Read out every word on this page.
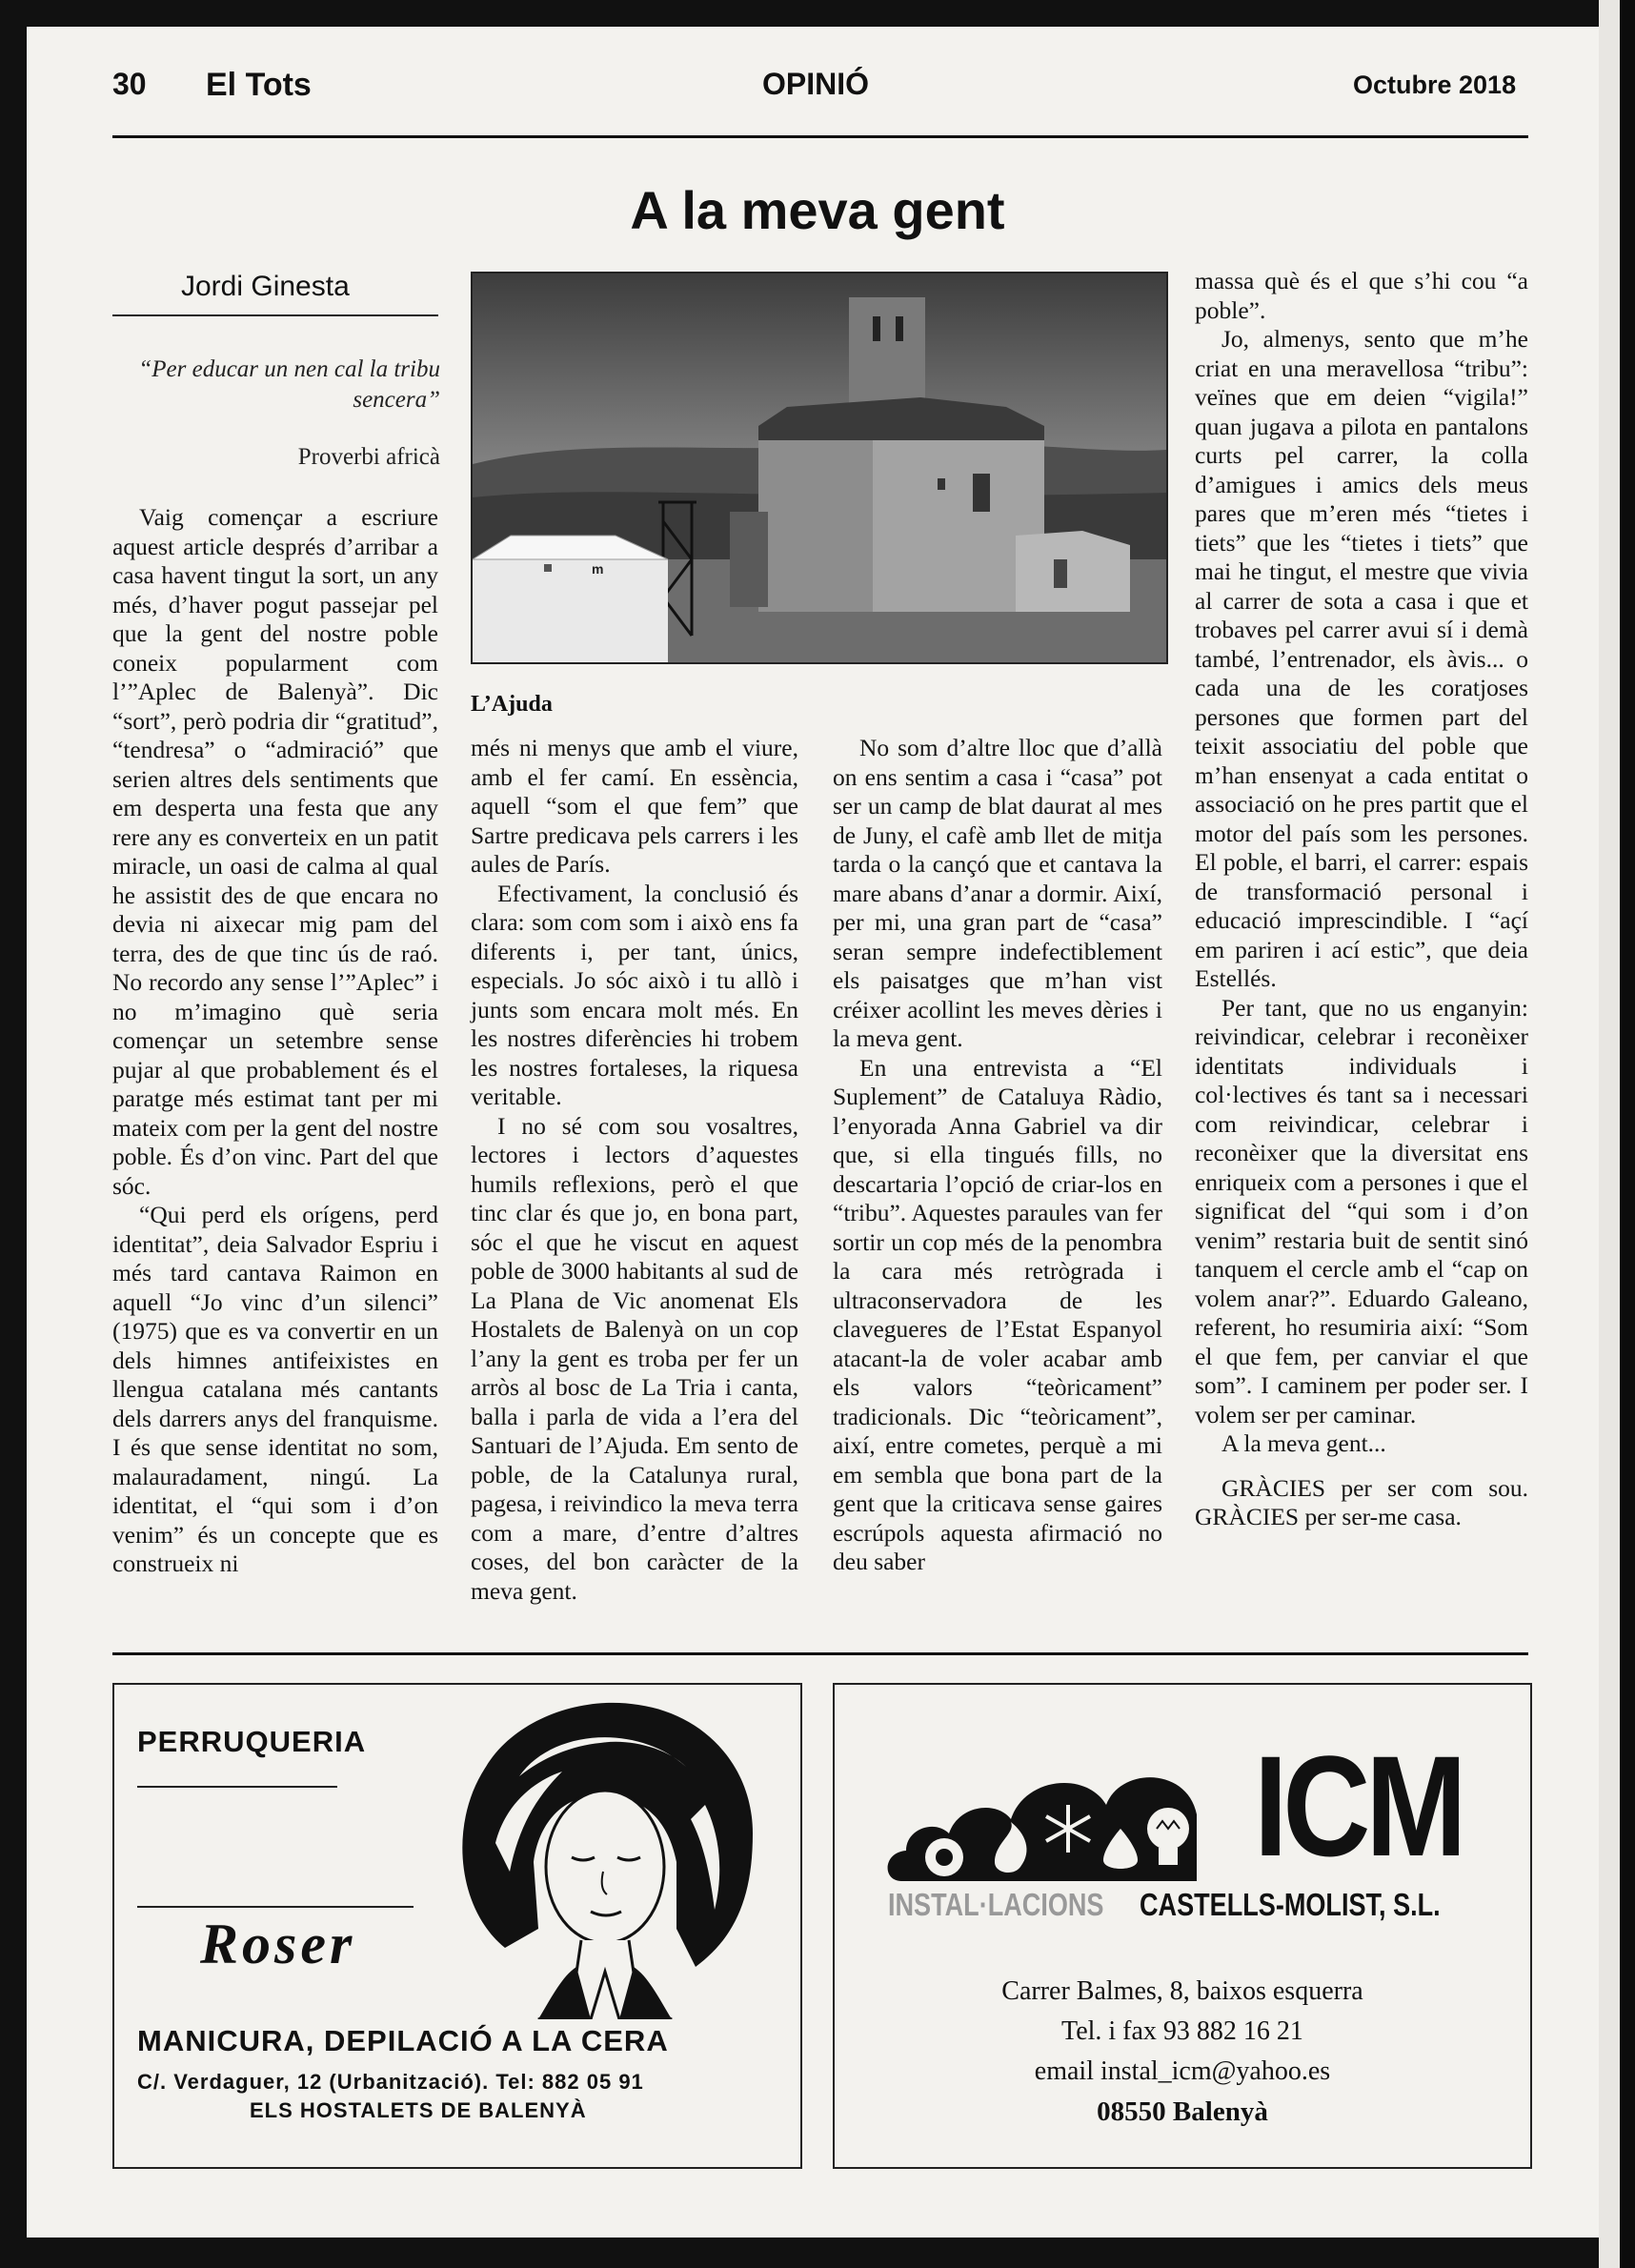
30 El Tots	OPINIÓ	Octubre 2018
A la meva gent
Jordi Ginesta
“Per educar un nen cal la tribu sencera”
Proverbi africà
m
L’Ajuda

Vaig començar a escriure aquest article després d’arribar a casa havent tingut la sort, un any més, d’haver pogut passejar pel que la gent del nostre poble coneix popularment com l’”Aplec de Balenyà”. Dic “sort”, però podria dir “gratitud”, “tendresa” o “admiració” que serien altres dels sentiments que em desperta una festa que any rere any es converteix en un patit miracle, un oasi de calma al qual he assistit des de que encara no devia ni aixecar mig pam del terra, des de que tinc ús de raó. No recordo any sense l’”Aplec” i no m’imagino què seria començar un setembre sense pujar al que probablement és el paratge més estimat tant per mi mateix com per la gent del nostre poble. És d’on vinc. Part del que sóc.

“Qui perd els orígens, perd identitat”, deia Salvador Espriu i més tard cantava Raimon en aquell “Jo vinc d’un silenci” (1975) que es va convertir en un dels himnes antifeixistes en llengua catalana més cantants dels darrers anys del franquisme. I és que sense identitat no som, malauradament, ningú. La identitat, el “qui som i d’on venim” és un concepte que es construeix ni

més ni menys que amb el viure, amb el fer camí. En essència, aquell “som el que fem” que Sartre predicava pels carrers i les aules de París.

Efectivament, la conclusió és clara: som com som i això ens fa diferents i, per tant, únics, especials. Jo sóc això i tu allò i junts som encara molt més. En les nostres diferències hi trobem les nostres fortaleses, la riquesa veritable.

I no sé com sou vosaltres, lectores i lectors d’aquestes humils reflexions, però el que tinc clar és que jo, en bona part, sóc el que he viscut en aquest poble de 3000 habitants al sud de La Plana de Vic anomenat Els Hostalets de Balenyà on un cop l’any la gent es troba per fer un arròs al bosc de La Tria i canta, balla i parla de vida a l’era del Santuari de l’Ajuda. Em sento de poble, de la Catalunya rural, pagesa, i reivindico la meva terra com a mare, d’entre d’altres coses, del bon caràcter de la meva gent.

No som d’altre lloc que d’allà on ens sentim a casa i “casa” pot ser un camp de blat daurat al mes de Juny, el cafè amb llet de mitja tarda o la cançó que et cantava la mare abans d’anar a dormir. Així, per mi, una gran part de “casa” seran sempre indefectiblement els paisatges que m’han vist créixer acollint les meves dèries i la meva gent.

En una entrevista a “El Suplement” de Cataluya Ràdio, l’enyorada Anna Gabriel va dir que, si ella tingués fills, no descartaria l’opció de criar-los en “tribu”. Aquestes paraules van fer sortir un cop més de la penombra la cara més retrògrada i ultraconservadora de les clavegueres de l’Estat Espanyol atacant-la de voler acabar amb els valors “teòricament” tradicionals. Dic “teòricament”, així, entre cometes, perquè a mi em sembla que bona part de la gent que la criticava sense gaires escrúpols aquesta afirmació no deu saber

massa què és el que s’hi cou “a poble”.

Jo, almenys, sento que m’he criat en una meravellosa “tribu”: veïnes que em deien “vigila!” quan jugava a pilota en pantalons curts pel carrer, la colla d’amigues i amics dels meus pares que m’eren més “tietes i tiets” que les “tietes i tiets” que mai he tingut, el mestre que vivia al carrer de sota a casa i que et trobaves pel carrer avui sí i demà també, l’entrenador, els àvis... o cada una de les coratjoses persones que formen part del teixit associatiu del poble que m’han ensenyat a cada entitat o associació on he pres partit que el motor del país som les persones. El poble, el barri, el carrer: espais de transformació personal i educació imprescindible. I “açí em pariren i ací estic”, que deia Estellés.

Per tant, que no us enganyin: reivindicar, celebrar i reconèixer identitats individuals i col·lectives és tant sa i necessari com reivindicar, celebrar i reconèixer que la diversitat ens enriqueix com a persones i que el significat del “qui som i d’on venim” restaria buit de sentit sinó tanquem el cercle amb el “cap on volem anar?”. Eduardo Galeano, referent, ho resumiria així: “Som el que fem, per canviar el que som”. I caminem per poder ser. I volem ser per caminar.

A la meva gent...

GRÀCIES per ser com sou. GRÀCIES per ser-me casa.

PERRUQUERIA
Roser
MANICURA, DEPILACIÓ A LA CERA
C/. Verdaguer, 12 (Urbanització). Tel: 882 05 91
ELS HOSTALETS DE BALENYÀ
ICM
INSTAL·LACIONS CASTELLS-MOLIST, S.L.
Carrer Balmes, 8, baixos esquerra
Tel. i fax 93 882 16 21
email instal_icm@yahoo.es
08550 Balenyà
